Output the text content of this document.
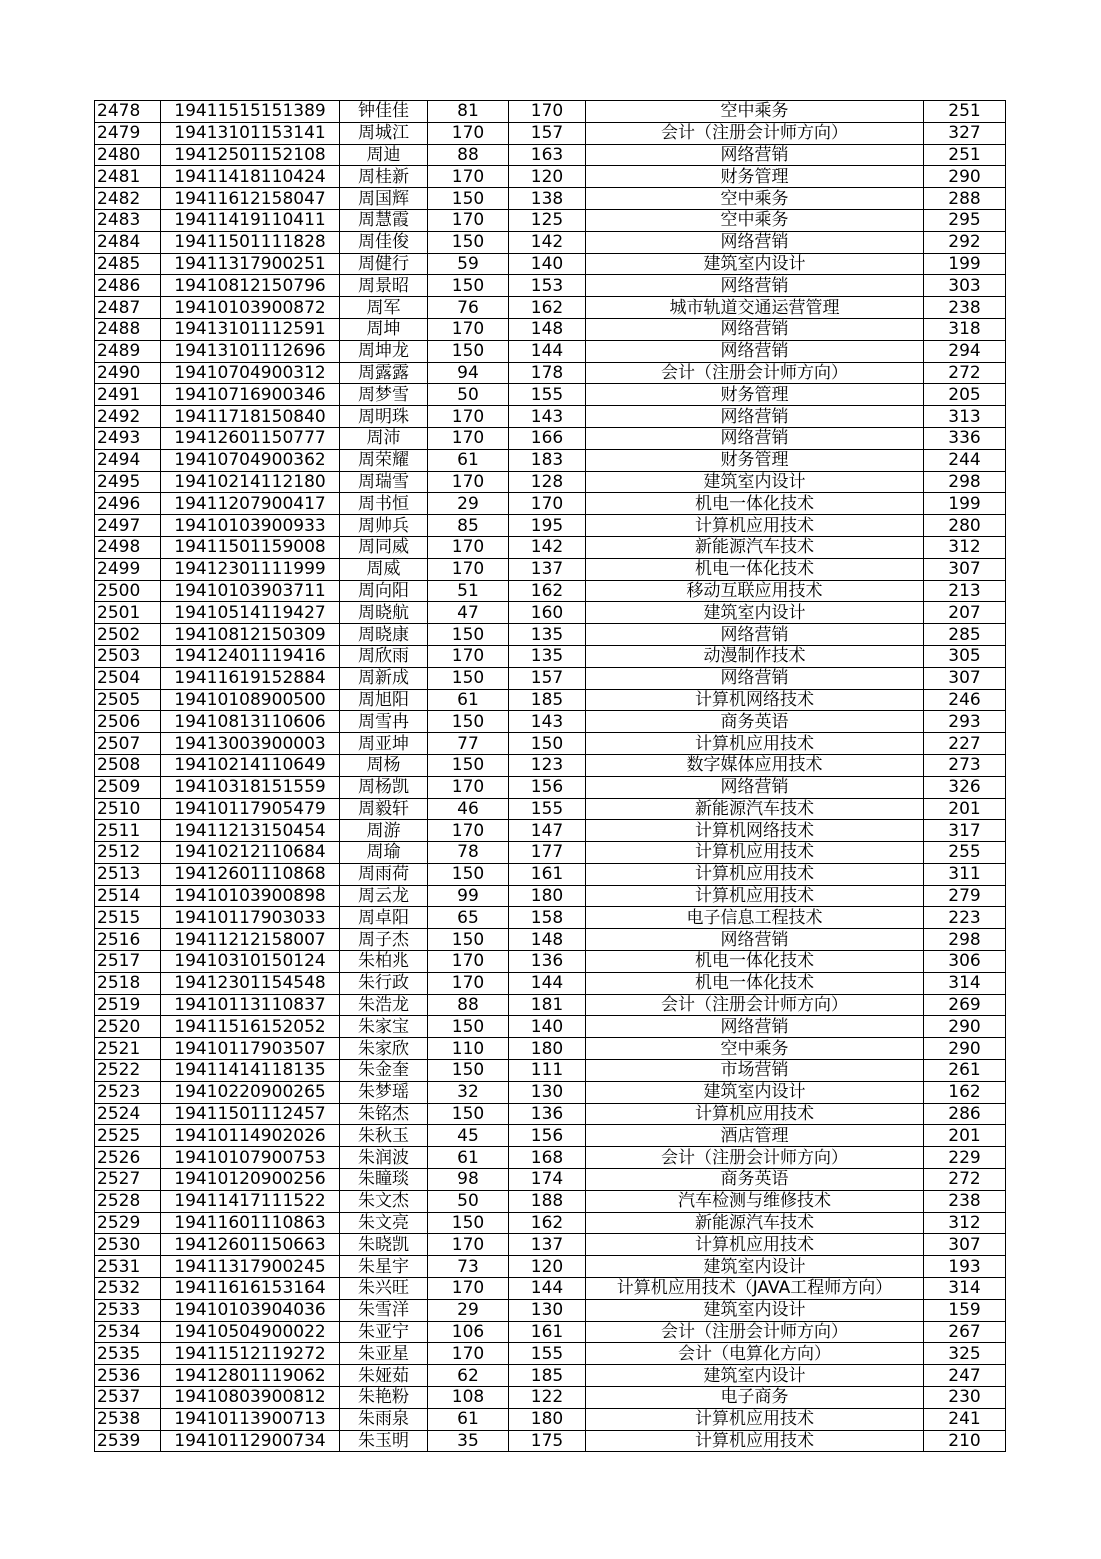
2478	19411515151389	钟佳佳	81	170	空中乘务	251
2479	19413101153141	周城江	170	157	会计（注册会计师方向）	327
2480	19412501152108	周迪	88	163	网络营销	251
2481	19411418110424	周桂新	170	120	财务管理	290
2482	19411612158047	周国辉	150	138	空中乘务	288
2483	19411419110411	周慧霞	170	125	空中乘务	295
2484	19411501111828	周佳俊	150	142	网络营销	292
2485	19411317900251	周健行	59	140	建筑室内设计	199
2486	19410812150796	周景昭	150	153	网络营销	303
2487	19410103900872	周军	76	162	城市轨道交通运营管理	238
2488	19413101112591	周坤	170	148	网络营销	318
2489	19413101112696	周坤龙	150	144	网络营销	294
2490	19410704900312	周露露	94	178	会计（注册会计师方向）	272
2491	19410716900346	周梦雪	50	155	财务管理	205
2492	19411718150840	周明珠	170	143	网络营销	313
2493	19412601150777	周沛	170	166	网络营销	336
2494	19410704900362	周荣耀	61	183	财务管理	244
2495	19410214112180	周瑞雪	170	128	建筑室内设计	298
2496	19411207900417	周书恒	29	170	机电一体化技术	199
2497	19410103900933	周帅兵	85	195	计算机应用技术	280
2498	19411501159008	周同威	170	142	新能源汽车技术	312
2499	19412301111999	周威	170	137	机电一体化技术	307
2500	19410103903711	周向阳	51	162	移动互联应用技术	213
2501	19410514119427	周晓航	47	160	建筑室内设计	207
2502	19410812150309	周晓康	150	135	网络营销	285
2503	19412401119416	周欣雨	170	135	动漫制作技术	305
2504	19411619152884	周新成	150	157	网络营销	307
2505	19410108900500	周旭阳	61	185	计算机网络技术	246
2506	19410813110606	周雪冉	150	143	商务英语	293
2507	19413003900003	周亚坤	77	150	计算机应用技术	227
2508	19410214110649	周杨	150	123	数字媒体应用技术	273
2509	19410318151559	周杨凯	170	156	网络营销	326
2510	19410117905479	周毅轩	46	155	新能源汽车技术	201
2511	19411213150454	周游	170	147	计算机网络技术	317
2512	19410212110684	周瑜	78	177	计算机应用技术	255
2513	19412601110868	周雨荷	150	161	计算机应用技术	311
2514	19410103900898	周云龙	99	180	计算机应用技术	279
2515	19410117903033	周卓阳	65	158	电子信息工程技术	223
2516	19411212158007	周子杰	150	148	网络营销	298
2517	19410310150124	朱柏兆	170	136	机电一体化技术	306
2518	19412301154548	朱行政	170	144	机电一体化技术	314
2519	19410113110837	朱浩龙	88	181	会计（注册会计师方向）	269
2520	19411516152052	朱家宝	150	140	网络营销	290
2521	19410117903507	朱家欣	110	180	空中乘务	290
2522	19411414118135	朱金奎	150	111	市场营销	261
2523	19410220900265	朱梦瑶	32	130	建筑室内设计	162
2524	19411501112457	朱铭杰	150	136	计算机应用技术	286
2525	19410114902026	朱秋玉	45	156	酒店管理	201
2526	19410107900753	朱润波	61	168	会计（注册会计师方向）	229
2527	19410120900256	朱瞳琰	98	174	商务英语	272
2528	19411417111522	朱文杰	50	188	汽车检测与维修技术	238
2529	19411601110863	朱文亮	150	162	新能源汽车技术	312
2530	19412601150663	朱晓凯	170	137	计算机应用技术	307
2531	19411317900245	朱星宇	73	120	建筑室内设计	193
2532	19411616153164	朱兴旺	170	144	计算机应用技术（JAVA工程师方向）	314
2533	19410103904036	朱雪洋	29	130	建筑室内设计	159
2534	19410504900022	朱亚宁	106	161	会计（注册会计师方向）	267
2535	19411512119272	朱亚星	170	155	会计（电算化方向）	325
2536	19412801119062	朱娅茹	62	185	建筑室内设计	247
2537	19410803900812	朱艳粉	108	122	电子商务	230
2538	19410113900713	朱雨泉	61	180	计算机应用技术	241
2539	19410112900734	朱玉明	35	175	计算机应用技术	210
